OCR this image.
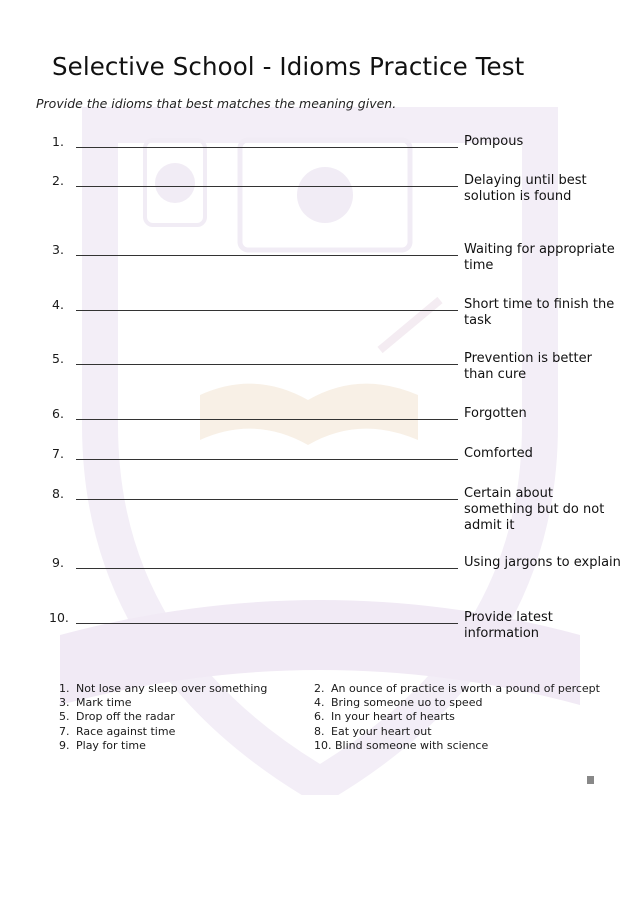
Selective School - Idioms Practice Test
Provide the idioms that best matches the meaning given.
1.	Pompous
2.	Delaying until best solution is found
3.	Waiting for appropriate time
4.	Short time to finish the task
5.	Prevention is better than cure
6.	Forgotten
7.	Comforted
8.	Certain about something but do not admit it
9.	Using jargons to explain
10.	Provide latest information
1. Not lose any sleep over something	2. An ounce of practice is worth a pound of percept
3. Mark time	4. Bring someone uo to speed
5. Drop off the radar	6. In your heart of hearts
7. Race against time	8. Eat your heart out
9. Play for time	10. Blind someone with science
